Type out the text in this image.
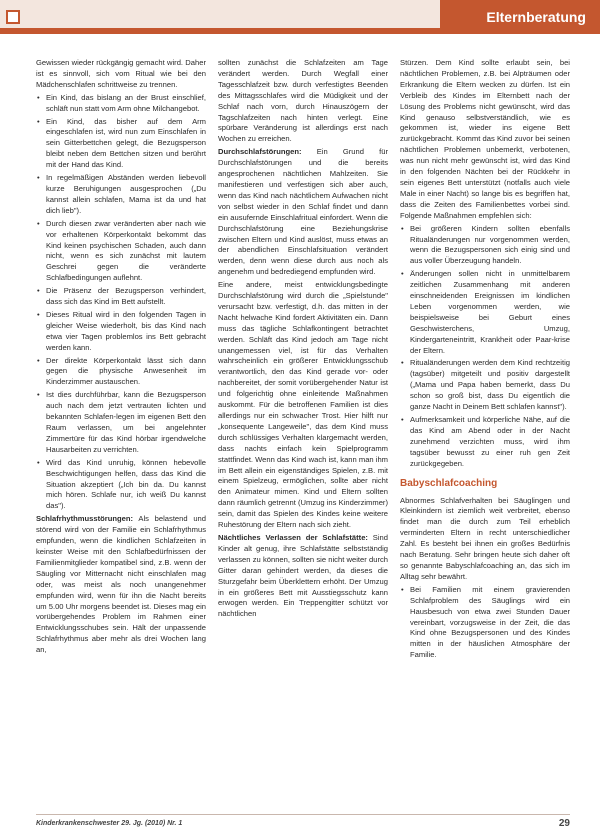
Elternberatung

Gewissen wieder rückgängig gemacht wird. Daher ist es sinnvoll, sich vom Ritual wie bei den Mädchenschlafen schrittweise zu trennen.

• Ein Kind, das bislang an der Brust einschlief, schläft nun statt vom Arm ohne Milchangebot.
• Ein Kind, das bisher auf dem Arm eingeschlafen ist, wird nun zum Einschlafen in sein Gitterbettchen gelegt, die Bezugsperson bleibt neben dem Bettchen sitzen und berührt mit der Hand das Kind.
• In regelmäßigen Abständen werden liebevoll kurze Beruhigungen ausgesprochen („Du kannst allein schlafen, Mama ist da und hat dich lieb").
• Durch diesen zwar veränderten aber nach wie vor erhaltenen Körperkontakt bekommt das Kind keinen psychischen Schaden, auch dann nicht, wenn es sich zunächst mit lautem Geschrei gegen die veränderte Schlafbedingungen auflehnt.
• Die Präsenz der Bezugsperson verhindert, dass sich das Kind im Bett aufstellt.
• Dieses Ritual wird in den folgenden Tagen in gleicher Weise wiederholt, bis das Kind nach etwa vier Tagen problemlos ins Bett gebracht werden kann.
• Der direkte Körperkontakt lässt sich dann gegen die physische Anwesenheit im Kinderzimmer austauschen.
• Ist dies durchführbar, kann die Bezugsperson auch nach dem jetzt vertrauten lichten und bekannten Schlafen-legen im eigenen Bett den Raum verlassen, um bei angelehnter Zimmertüre für das Kind hörbar irgendwelche Hausarbeiten zu verrichten.
• Wird das Kind unruhig, können hebevolle Beschwichtigungen helfen, dass das Kind die Situation akzeptiert („Ich bin da. Du kannst mich hören. Schlafe nur, ich weiß Du kannst das").

Schlafrhythmusstörungen: Als belastend und störend wird von der Familie ein Schlafrhythmus empfunden, wenn die kindlichen Schlafzeiten in keinster Weise mit den Schlafbedürfnissen der Familienmitglieder kompatibel sind, z.B. wenn der Säugling vor Mitternacht nicht einschlafen mag oder, was meist als noch unangenehmer empfunden wird, wenn für ihn die Nacht bereits um 5.00 Uhr morgens beendet ist. Dieses mag ein vorübergehendes Problem im Rahmen einer Entwicklungsschubes sein. Hält der unpassende Schlafrhythmus aber mehr als drei Wochen lang an,

sollten zunächst die Schlafzeiten am Tage verändert werden. Durch Wegfall einer Tagesschlafzeit bzw. durch verfestigtes Beenden des Mittagsschlafes wird die Müdigkeit und der Schlaf nach vorn, durch Hinauszögern der Tagschlafzeiten nach hinten verlegt. Eine spürbare Veränderung ist allerdings erst nach Wochen zu erreichen.

Durchschlafstörungen: Ein Grund für Durchschlafstörungen und die bereits angesprochenen nächtlichen Mahlzeiten. Sie manifestieren und verfestigen sich aber auch, wenn das Kind nach nächtlichem Aufwachen nicht von selbst wieder in den Schlaf findet und dann ein ausufernde Einschlafritual einfordert. Wenn die Durchschlafstörung eine Beziehungskrise zwischen Eltern und Kind auslöst, muss etwas an der abendlichen Einschlafsituation verändert werden, denn wenn diese durch aus noch als angenehm und bedrediegend empfunden wird.

Eine andere, meist entwicklungsbedingte Durchschlafstörung wird durch die „Spielstunde" verursacht bzw. verfestigt, d.h. das mitten in der Nacht helwache Kind fordert Aktivitäten ein. Dann muss das tägliche Schlafkontingent betrachtet werden. Schläft das Kind jedoch am Tage nicht unangemessen viel, ist für das Verhalten wahrscheinlich ein größerer Entwicklungsschub verantwortlich, den das Kind gerade vor- oder nachbereitet, der somit vorübergehender Natur ist und folgerichtig ohne einleitende Maßnahmen auskommt. Für die betroffenen Familien ist dies allerdings nur ein schwacher Trost. Hier hilft nur „konsequente Langeweile", das dem Kind muss durch schlüssiges Verhalten klargemacht werden, dass nachts einfach kein Spielprogramm stattfindet. Wenn das Kind wach ist, kann man ihm im Bett allein ein eigenständiges Spielen, z.B. mit einem Spielzeug, ermöglichen, sollte aber nicht den Animateur mimen. Kind und Eltern sollten dann räumlich getrennt (Umzug ins Kinderzimmer) sein, damit das Spielen des Kindes keine weitere Ruhestörung der Eltern nach sich zieht.

Nächtliches Verlassen der Schlafstätte: Sind Kinder alt genug, ihre Schlafstätte selbstständig verlassen zu können, sollten sie nicht weiter durch Gitter daran gehindert werden, da dieses die Sturzgefahr beim Überklettern erhöht. Der Umzug in ein größeres Bett mit Ausstiegsschutz kann erwogen werden. Ein Treppengitter schützt vor nächtlichen

Stürzen. Dem Kind sollte erlaubt sein, bei nächtlichen Problemen, z.B. bei Alpträumen oder Erkrankung die Eltern wecken zu dürfen. Ist ein Verbleib des Kindes im Elternbett nach der Lösung des Problems nicht gewünscht, wird das Kind genauso selbstverständlich, wie es gekommen ist, wieder ins eigene Bett zurückgebracht. Kommt das Kind zuvor bei seinen nächtlichen Problemen unbemerkt, verbotenen, was nun nicht mehr gewünscht ist, wird das Kind in den folgenden Nächten bei der Rückkehr in sein eigenes Bett unterstützt (notfalls auch viele Male in einer Nacht) so lange bis es begriffen hat, dass die Zeiten des Familienbettes vorbei sind. Folgende Maßnahmen empfehlen sich:

• Bei größeren Kindern sollten ebenfalls Ritualänderungen nur vorgenommen werden, wenn die Bezugspersonen sich einig sind und aus voller Überzeugung handeln.
• Änderungen sollen nicht in unmittelbarem zeitlichen Zusammenhang mit anderen einschneidenden Ereignissen im kindlichen Leben vorgenommen werden, wie beispielsweise bei Geburt eines Geschwisterchens, Umzug, Kindergarteneintritt, Krankheit oder Paar-krise der Eltern.
• Ritualänderungen werden dem Kind rechtzeitig (tagsüber) mitgeteilt und positiv dargestellt („Mama und Papa haben bemerkt, dass Du schon so groß bist, dass Du eigentlich die ganze Nacht in Deinem Bett schlafen kannst").
• Aufmerksamkeit und körperliche Nähe, auf die das Kind am Abend oder in der Nacht zunehmend verzichten muss, wird ihm tagsüber bewusst zu einer ruh gen Zeit zurückgegeben.
Babyschlafcoaching

Abnormes Schlafverhalten bei Säuglingen und Kleinkindern ist ziemlich weit verbreitet, ebenso findet man die durch zum Teil erheblich verminderten Eltern in recht unterschiedlicher Zahl. Es besteht bei ihnen ein großes Bedürfnis nach Beratung. Sehr bringen heute sich daher oft so genannte Babyschlafcoaching an, das sich im Alltag sehr bewährt.

• Bei Familien mit einem gravierenden Schlafproblem des Säuglings wird ein Hausbesuch von etwa zwei Stunden Dauer vereinbart, vorzugsweise in der Zeit, die das Kind ohne Bezugspersonen und des Kindes mitten in der häuslichen Atmosphäre der Familie.
Kinderkrankenschwester 29. Jg. (2010) Nr. 1	29
